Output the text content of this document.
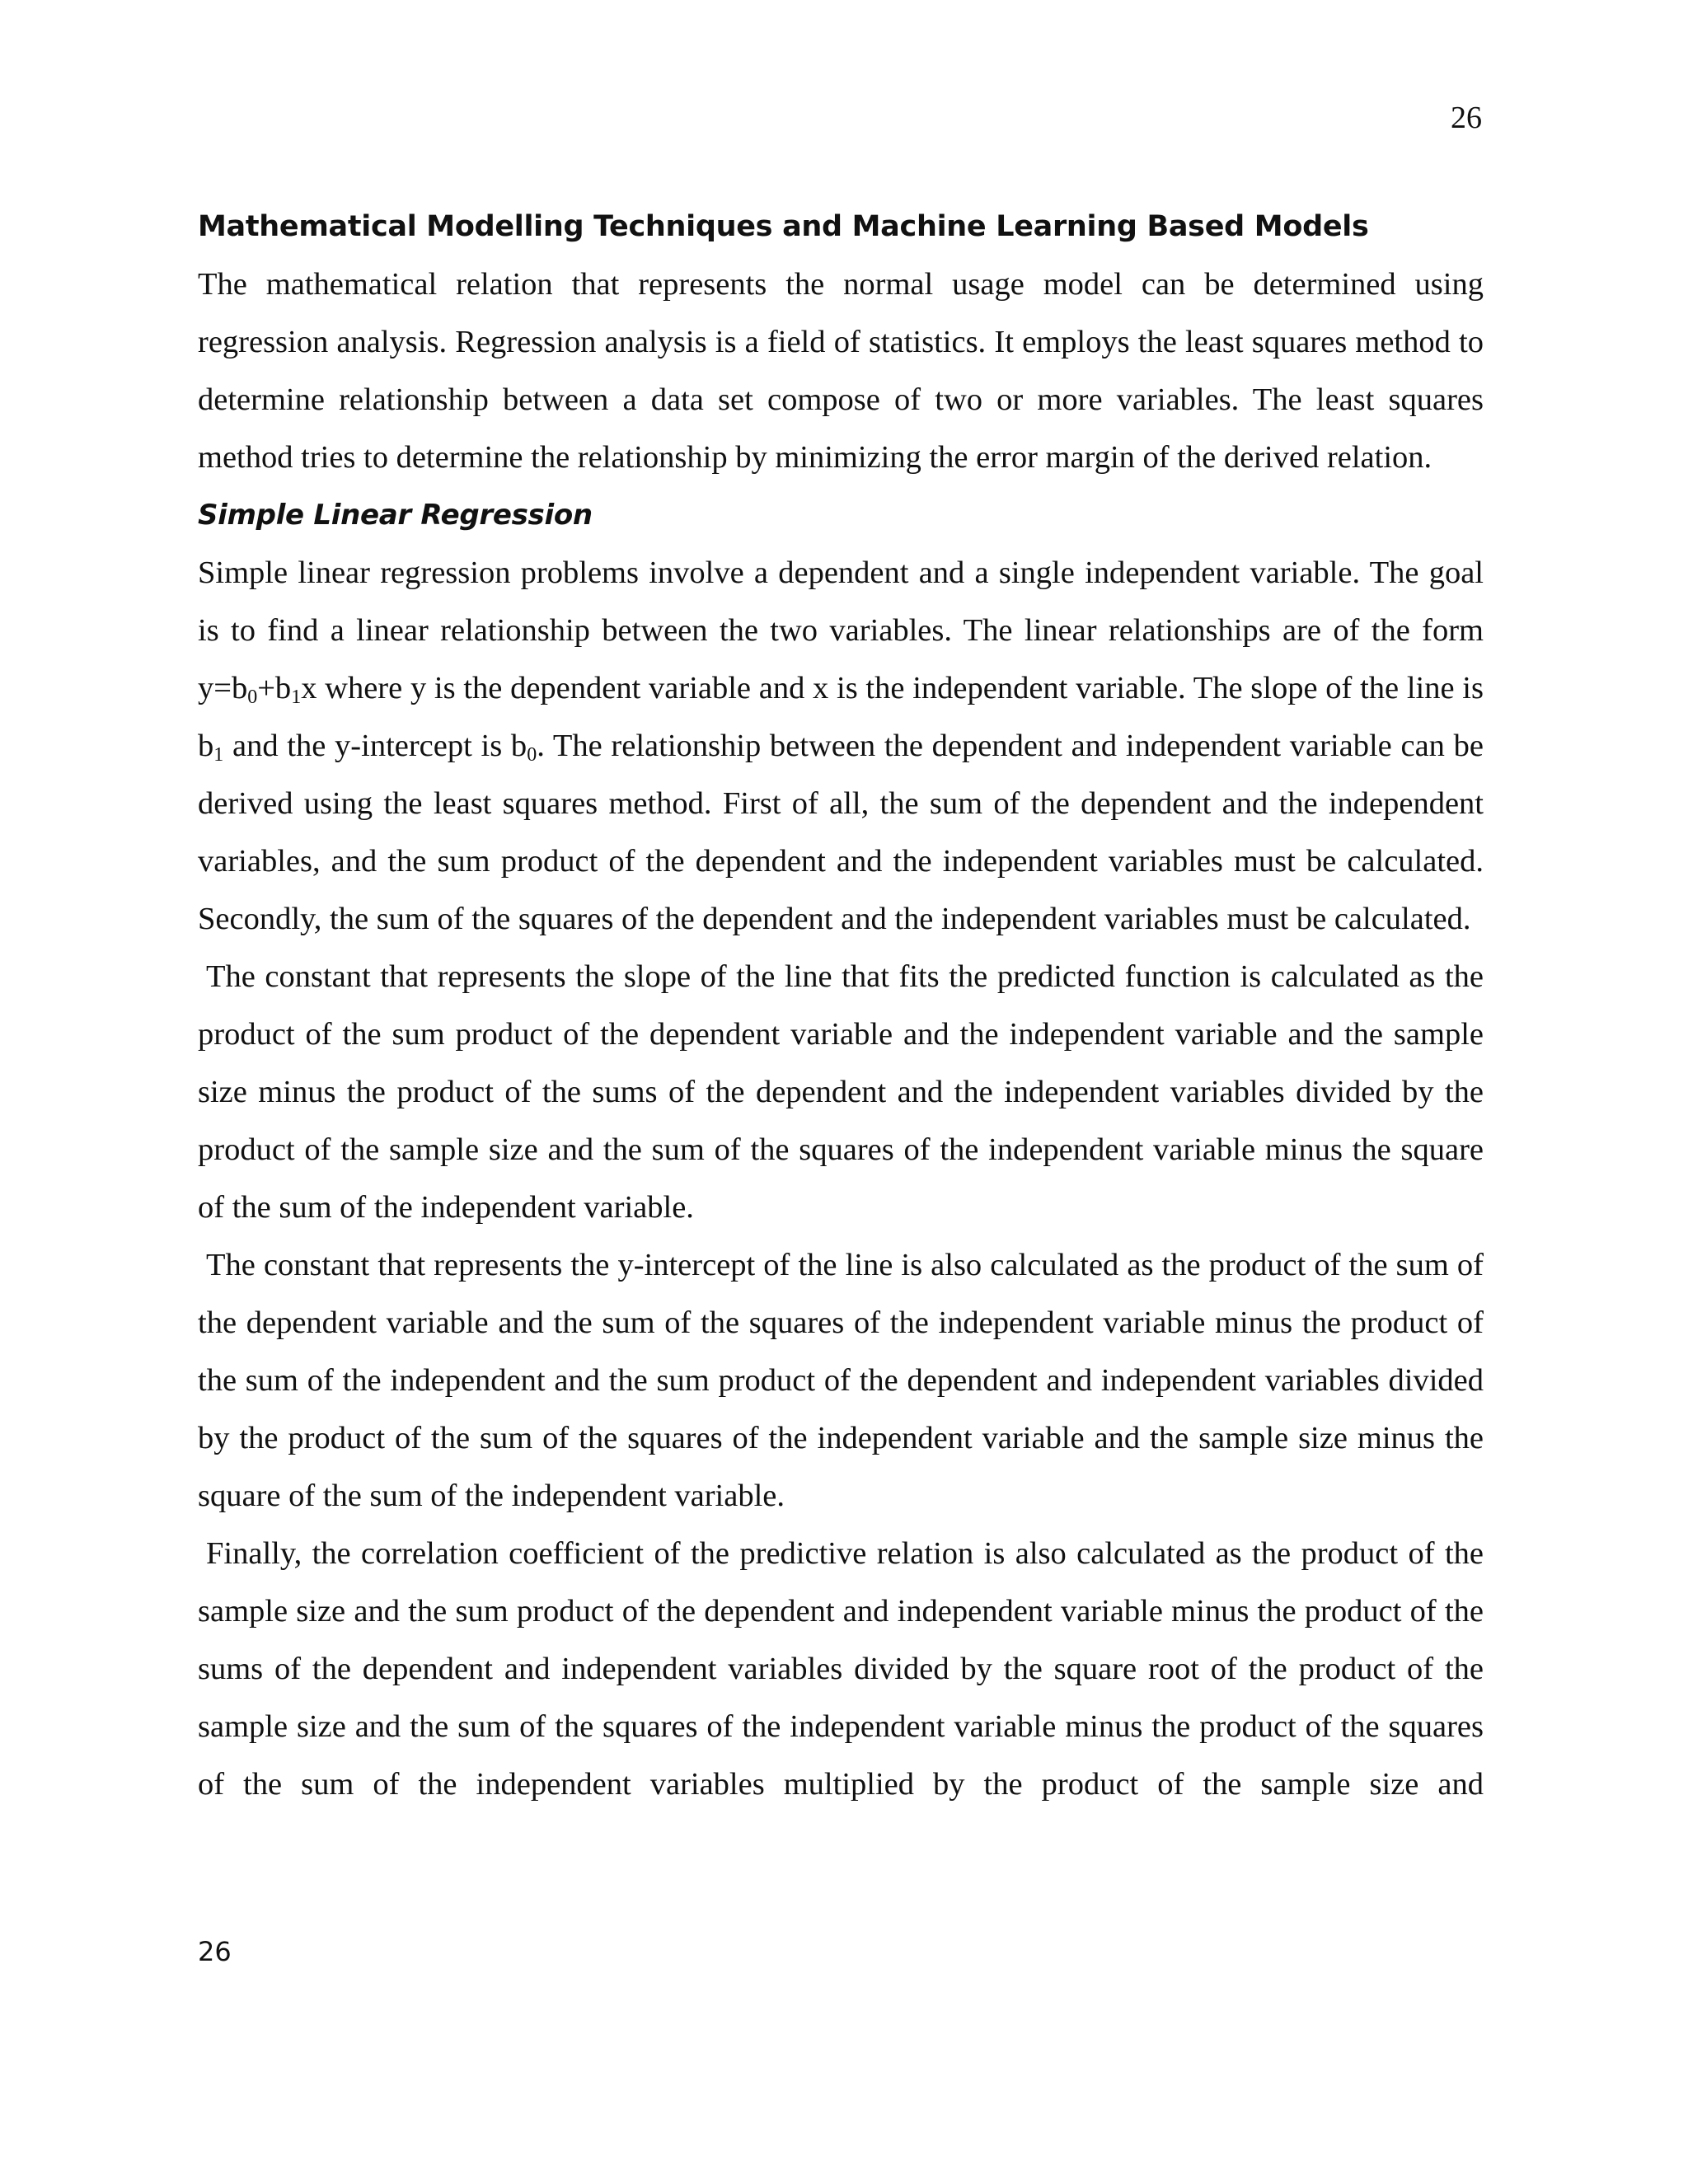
26
Mathematical Modelling Techniques and Machine Learning Based Models

The mathematical relation that represents the normal usage model can be determined using regression analysis. Regression analysis is a field of statistics. It employs the least squares method to determine relationship between a data set compose of two or more variables. The least squares method tries to determine the relationship by minimizing the error margin of the derived relation.

Simple Linear Regression

Simple linear regression problems involve a dependent and a single independent variable. The goal is to find a linear relationship between the two variables. The linear relationships are of the form $y=b_0+b_1x$ where y is the dependent variable and x is the independent variable. The slope of the line is $b_1$ and the y-intercept is $b_0$. The relationship between the dependent and independent variable can be derived using the least squares method. First of all, the sum of the dependent and the independent variables, and the sum product of the dependent and the independent variables must be calculated. Secondly, the sum of the squares of the dependent and the independent variables must be calculated.

The constant that represents the slope of the line that fits the predicted function is calculated as the product of the sum product of the dependent variable and the independent variable and the sample size minus the product of the sums of the dependent and the independent variables divided by the product of the sample size and the sum of the squares of the independent variable minus the square of the sum of the independent variable.

The constant that represents the y-intercept of the line is also calculated as the product of the sum of the dependent variable and the sum of the squares of the independent variable minus the product of the sum of the independent and the sum product of the dependent and independent variables divided by the product of the sum of the squares of the independent variable and the sample size minus the square of the sum of the independent variable.

Finally, the correlation coefficient of the predictive relation is also calculated as the product of the sample size and the sum product of the dependent and independent variable minus the product of the sums of the dependent and independent variables divided by the square root of the product of the sample size and the sum of the squares of the independent variable minus the product of the squares of the sum of the independent variables multiplied by the product of the sample size and

26
